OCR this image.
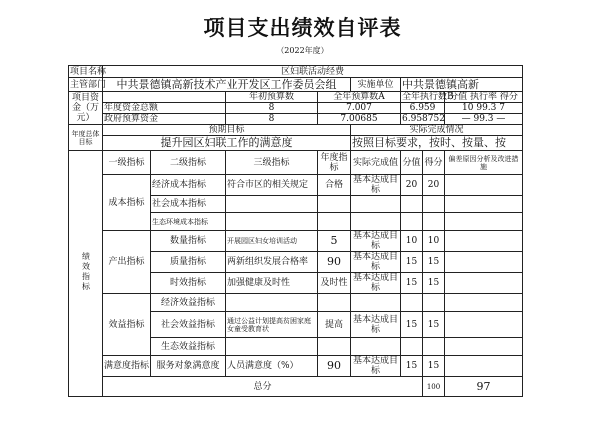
项目支出绩效自评表
（2022年度）
项目名称	区妇联活动经费								
主管部门	中共景德镇高新技术产业开发区工作委员会组				实施单位	中共景德镇高新			
项目资金（万元）			年初预算数	全年预算数A		全年执行数B		分值 执行率 得分	
	年度资金总额		8	7.007		6.959		10 99.3 7	
	政府预算资金		8	7.00685		6.958752		— 99.3 —	
年度总体目标	预期目标				实际完成情况				
	提升园区妇联工作的满意度				按照目标要求，按时、按量、按				
绩效指标	一级指标	二级指标	三级指标	年度指标	实际完成值	分值	得分	偏差原因分析及改进措施	
	成本指标	经济成本指标	符合市区的相关规定	合格	基本达成目标	20	20		
		社会成本指标							
		生态环境成本指标							
	产出指标	数量指标	开展园区妇女培训活动	5	基本达成目标	10	10		
		质量指标	两新组织发展合格率	90	基本达成目标	15	15		
		时效指标	加强健康及时性	及时性	基本达成目标	15	15		
	效益指标	经济效益指标							
		社会效益指标	通过公益计划提高贫困家庭女童受教育状	提高	基本达成目标	15	15		
		生态效益指标							
	满意度指标	服务对象满意度	人员满意度（%）	90	基本达成目标	15	15		
	总分						100	97	
